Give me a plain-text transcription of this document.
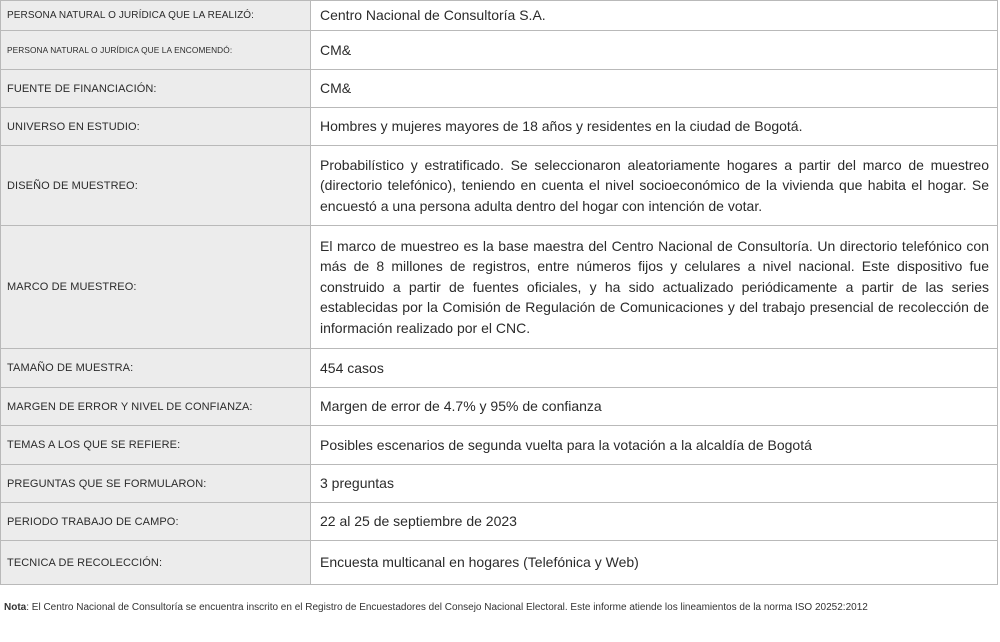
PERSONA NATURAL O JURÍDICA QUE LA REALIZÓ:	Centro Nacional de Consultoría S.A.
PERSONA NATURAL O JURÍDICA QUE LA ENCOMENDÓ:	CM&
FUENTE DE FINANCIACIÓN:	CM&
UNIVERSO EN ESTUDIO:	Hombres y mujeres mayores de 18 años y residentes en la ciudad de Bogotá.
DISEÑO DE MUESTREO:	Probabilístico y estratificado. Se seleccionaron aleatoriamente hogares a partir del marco de muestreo (directorio telefónico), teniendo en cuenta el nivel socioeconómico de la vivienda que habita el hogar. Se encuestó a una persona adulta dentro del hogar con intención de votar.
MARCO DE MUESTREO:	El marco de muestreo es la base maestra del Centro Nacional de Consultoría. Un directorio telefónico con más de 8 millones de registros, entre números fijos y celulares a nivel nacional. Este dispositivo fue construido a partir de fuentes oficiales, y ha sido actualizado periódicamente a partir de las series establecidas por la Comisión de Regulación de Comunicaciones y del trabajo presencial de recolección de información realizado por el CNC.
TAMAÑO DE MUESTRA:	454 casos
MARGEN DE ERROR Y NIVEL DE CONFIANZA:	Margen de error de 4.7% y 95% de confianza
TEMAS A LOS QUE SE REFIERE:	Posibles escenarios de segunda vuelta para la votación a la alcaldía de Bogotá
PREGUNTAS QUE SE FORMULARON:	3 preguntas
PERIODO TRABAJO DE CAMPO:	22 al 25 de septiembre de 2023
TECNICA DE RECOLECCIÓN:	Encuesta multicanal en hogares (Telefónica y Web)
Nota: El Centro Nacional de Consultoría se encuentra inscrito en el Registro de Encuestadores del Consejo Nacional Electoral. Este informe atiende los lineamientos de la norma ISO 20252:2012
